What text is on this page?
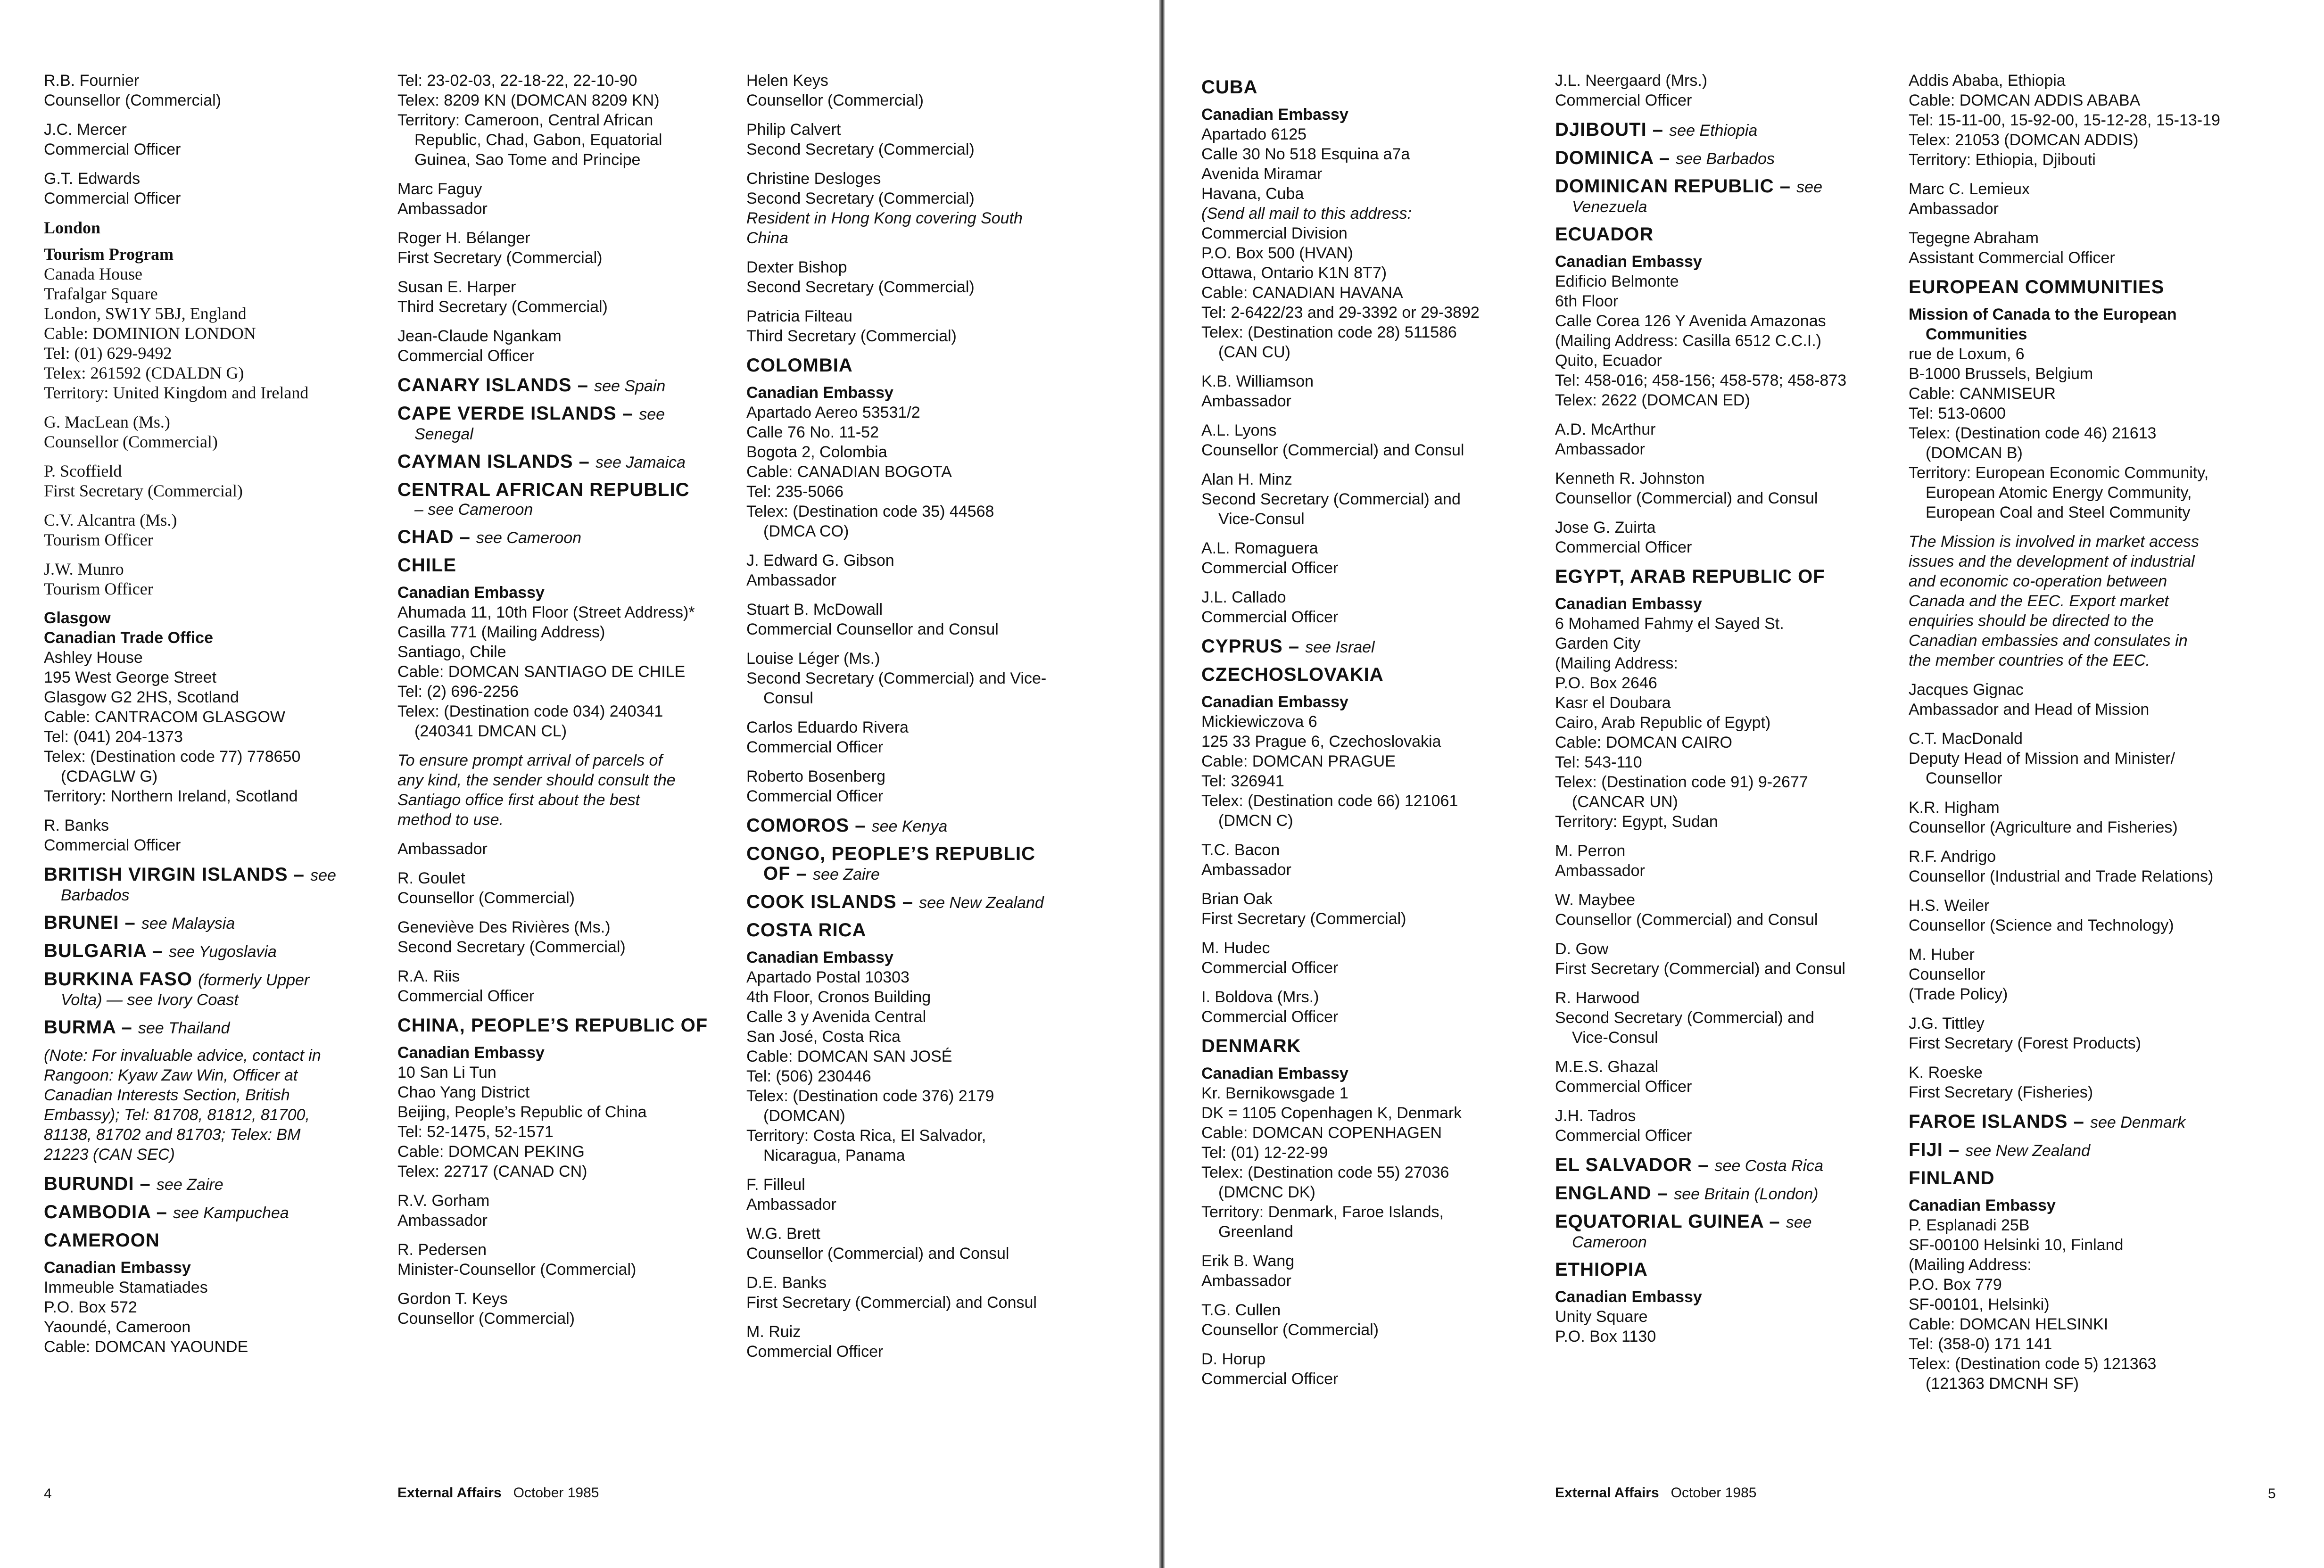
R.B. Fournier
Counsellor (Commercial)
J.C. Mercer
Commercial Officer
G.T. Edwards
Commercial Officer
London
Tourism Program
Canada House
Trafalgar Square
London, SW1Y 5BJ, England
Cable: DOMINION LONDON
Tel: (01) 629-9492
Telex: 261592 (CDALDN G)
Territory: United Kingdom and Ireland
G. MacLean (Ms.)
Counsellor (Commercial)
P. Scoffield
First Secretary (Commercial)
C.V. Alcantra (Ms.)
Tourism Officer
J.W. Munro
Tourism Officer
Glasgow
Canadian Trade Office
Ashley House
195 West George Street
Glasgow G2 2HS, Scotland
Cable: CANTRACOM GLASGOW
Tel: (041) 204-1373
Telex: (Destination code 77) 778650
(CDAGLW G)
Territory: Northern Ireland, Scotland
R. Banks
Commercial Officer
BRITISH VIRGIN ISLANDS – see
Barbados
BRUNEI – see Malaysia
BULGARIA – see Yugoslavia
BURKINA FASO (formerly Upper
Volta) — see Ivory Coast
BURMA – see Thailand
(Note: For invaluable advice, contact in
Rangoon: Kyaw Zaw Win, Officer at
Canadian Interests Section, British
Embassy); Tel: 81708, 81812, 81700,
81138, 81702 and 81703; Telex: BM
21223 (CAN SEC)
BURUNDI – see Zaire
CAMBODIA – see Kampuchea
CAMEROON
Canadian Embassy
Immeuble Stamatiades
P.O. Box 572
Yaoundé, Cameroon
Cable: DOMCAN YAOUNDE
Tel: 23-02-03, 22-18-22, 22-10-90
Telex: 8209 KN (DOMCAN 8209 KN)
Territory: Cameroon, Central African
Republic, Chad, Gabon, Equatorial
Guinea, Sao Tome and Principe
Marc Faguy
Ambassador
Roger H. Bélanger
First Secretary (Commercial)
Susan E. Harper
Third Secretary (Commercial)
Jean-Claude Ngankam
Commercial Officer
CANARY ISLANDS – see Spain
CAPE VERDE ISLANDS – see
Senegal
CAYMAN ISLANDS – see Jamaica
CENTRAL AFRICAN REPUBLIC
– see Cameroon
CHAD – see Cameroon
CHILE
Canadian Embassy
Ahumada 11, 10th Floor (Street Address)*
Casilla 771 (Mailing Address)
Santiago, Chile
Cable: DOMCAN SANTIAGO DE CHILE
Tel: (2) 696-2256
Telex: (Destination code 034) 240341
(240341 DMCAN CL)
To ensure prompt arrival of parcels of
any kind, the sender should consult the
Santiago office first about the best
method to use.
Ambassador
R. Goulet
Counsellor (Commercial)
Geneviève Des Rivières (Ms.)
Second Secretary (Commercial)
R.A. Riis
Commercial Officer
CHINA, PEOPLE’S REPUBLIC OF
Canadian Embassy
10 San Li Tun
Chao Yang District
Beijing, People’s Republic of China
Tel: 52-1475, 52-1571
Cable: DOMCAN PEKING
Telex: 22717 (CANAD CN)
R.V. Gorham
Ambassador
R. Pedersen
Minister-Counsellor (Commercial)
Gordon T. Keys
Counsellor (Commercial)
Helen Keys
Counsellor (Commercial)
Philip Calvert
Second Secretary (Commercial)
Christine Desloges
Second Secretary (Commercial)
Resident in Hong Kong covering South
China
Dexter Bishop
Second Secretary (Commercial)
Patricia Filteau
Third Secretary (Commercial)
COLOMBIA
Canadian Embassy
Apartado Aereo 53531/2
Calle 76 No. 11-52
Bogota 2, Colombia
Cable: CANADIAN BOGOTA
Tel: 235-5066
Telex: (Destination code 35) 44568
(DMCA CO)
J. Edward G. Gibson
Ambassador
Stuart B. McDowall
Commercial Counsellor and Consul
Louise Léger (Ms.)
Second Secretary (Commercial) and Vice-
Consul
Carlos Eduardo Rivera
Commercial Officer
Roberto Bosenberg
Commercial Officer
COMOROS – see Kenya
CONGO, PEOPLE’S REPUBLIC
OF – see Zaire
COOK ISLANDS – see New Zealand
COSTA RICA
Canadian Embassy
Apartado Postal 10303
4th Floor, Cronos Building
Calle 3 y Avenida Central
San José, Costa Rica
Cable: DOMCAN SAN JOSÉ
Tel: (506) 230446
Telex: (Destination code 376) 2179
(DOMCAN)
Territory: Costa Rica, El Salvador,
Nicaragua, Panama
F. Filleul
Ambassador
W.G. Brett
Counsellor (Commercial) and Consul
D.E. Banks
First Secretary (Commercial) and Consul
M. Ruiz
Commercial Officer
External Affairs October 1985
4
CUBA
Canadian Embassy
Apartado 6125
Calle 30 No 518 Esquina a7a
Avenida Miramar
Havana, Cuba
(Send all mail to this address:
Commercial Division
P.O. Box 500 (HVAN)
Ottawa, Ontario K1N 8T7)
Cable: CANADIAN HAVANA
Tel: 2-6422/23 and 29-3392 or 29-3892
Telex: (Destination code 28) 511586
(CAN CU)
K.B. Williamson
Ambassador
A.L. Lyons
Counsellor (Commercial) and Consul
Alan H. Minz
Second Secretary (Commercial) and
Vice-Consul
A.L. Romaguera
Commercial Officer
J.L. Callado
Commercial Officer
CYPRUS – see Israel
CZECHOSLOVAKIA
Canadian Embassy
Mickiewiczova 6
125 33 Prague 6, Czechoslovakia
Cable: DOMCAN PRAGUE
Tel: 326941
Telex: (Destination code 66) 121061
(DMCN C)
T.C. Bacon
Ambassador
Brian Oak
First Secretary (Commercial)
M. Hudec
Commercial Officer
I. Boldova (Mrs.)
Commercial Officer
DENMARK
Canadian Embassy
Kr. Bernikowsgade 1
DK = 1105 Copenhagen K, Denmark
Cable: DOMCAN COPENHAGEN
Tel: (01) 12-22-99
Telex: (Destination code 55) 27036
(DMCNC DK)
Territory: Denmark, Faroe Islands,
Greenland
Erik B. Wang
Ambassador
T.G. Cullen
Counsellor (Commercial)
D. Horup
Commercial Officer
J.L. Neergaard (Mrs.)
Commercial Officer
DJIBOUTI – see Ethiopia
DOMINICA – see Barbados
DOMINICAN REPUBLIC – see
Venezuela
ECUADOR
Canadian Embassy
Edificio Belmonte
6th Floor
Calle Corea 126 Y Avenida Amazonas
(Mailing Address: Casilla 6512 C.C.I.)
Quito, Ecuador
Tel: 458-016; 458-156; 458-578; 458-873
Telex: 2622 (DOMCAN ED)
A.D. McArthur
Ambassador
Kenneth R. Johnston
Counsellor (Commercial) and Consul
Jose G. Zuirta
Commercial Officer
EGYPT, ARAB REPUBLIC OF
Canadian Embassy
6 Mohamed Fahmy el Sayed St.
Garden City
(Mailing Address:
P.O. Box 2646
Kasr el Doubara
Cairo, Arab Republic of Egypt)
Cable: DOMCAN CAIRO
Tel: 543-110
Telex: (Destination code 91) 9-2677
(CANCAR UN)
Territory: Egypt, Sudan
M. Perron
Ambassador
W. Maybee
Counsellor (Commercial) and Consul
D. Gow
First Secretary (Commercial) and Consul
R. Harwood
Second Secretary (Commercial) and
Vice-Consul
M.E.S. Ghazal
Commercial Officer
J.H. Tadros
Commercial Officer
EL SALVADOR – see Costa Rica
ENGLAND – see Britain (London)
EQUATORIAL GUINEA – see
Cameroon
ETHIOPIA
Canadian Embassy
Unity Square
P.O. Box 1130
Addis Ababa, Ethiopia
Cable: DOMCAN ADDIS ABABA
Tel: 15-11-00, 15-92-00, 15-12-28, 15-13-19
Telex: 21053 (DOMCAN ADDIS)
Territory: Ethiopia, Djibouti
Marc C. Lemieux
Ambassador
Tegegne Abraham
Assistant Commercial Officer
EUROPEAN COMMUNITIES
Mission of Canada to the European
Communities
rue de Loxum, 6
B-1000 Brussels, Belgium
Cable: CANMISEUR
Tel: 513-0600
Telex: (Destination code 46) 21613
(DOMCAN B)
Territory: European Economic Community,
European Atomic Energy Community,
European Coal and Steel Community
The Mission is involved in market access
issues and the development of industrial
and economic co-operation between
Canada and the EEC. Export market
enquiries should be directed to the
Canadian embassies and consulates in
the member countries of the EEC.
Jacques Gignac
Ambassador and Head of Mission
C.T. MacDonald
Deputy Head of Mission and Minister/
Counsellor
K.R. Higham
Counsellor (Agriculture and Fisheries)
R.F. Andrigo
Counsellor (Industrial and Trade Relations)
H.S. Weiler
Counsellor (Science and Technology)
M. Huber
Counsellor
(Trade Policy)
J.G. Tittley
First Secretary (Forest Products)
K. Roeske
First Secretary (Fisheries)
FAROE ISLANDS – see Denmark
FIJI – see New Zealand
FINLAND
Canadian Embassy
P. Esplanadi 25B
SF-00100 Helsinki 10, Finland
(Mailing Address:
P.O. Box 779
SF-00101, Helsinki)
Cable: DOMCAN HELSINKI
Tel: (358-0) 171 141
Telex: (Destination code 5) 121363
(121363 DMCNH SF)
External Affairs October 1985	5
